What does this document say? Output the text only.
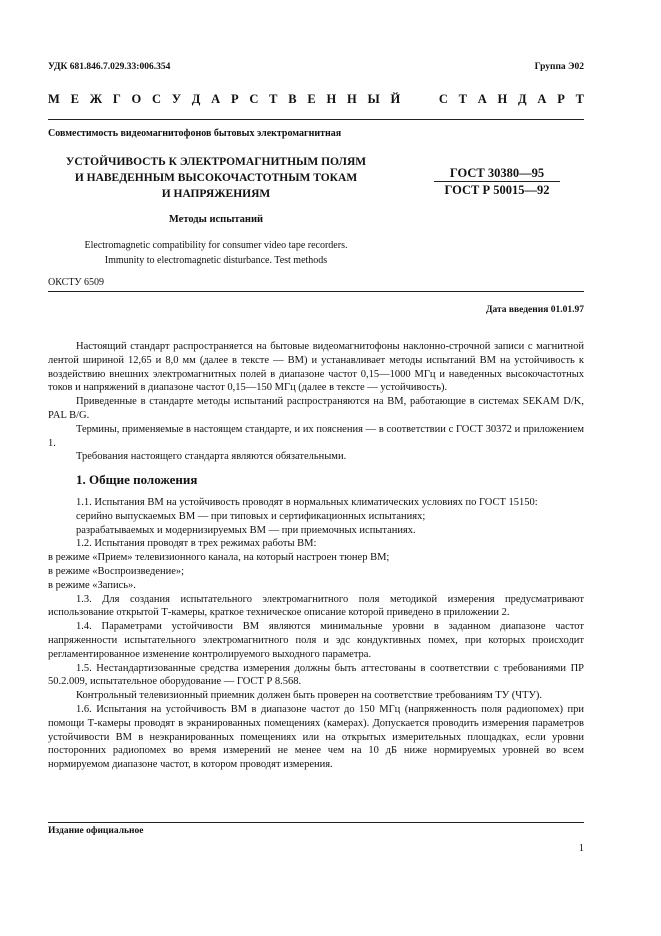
УДК 681.846.7.029.33:006.354	Группа Э02
М Е Ж Г О С У Д А Р С Т В Е Н Н Ы Й

	С Т А Н Д А Р Т
Совместимость видеомагнитофонов бытовых электромагнитная
УСТОЙЧИВОСТЬ К ЭЛЕКТРОМАГНИТНЫМ ПОЛЯМ
И НАВЕДЕННЫМ ВЫСОКОЧАСТОТНЫМ ТОКАМ
И НАПРЯЖЕНИЯМ
ГОСТ 30380—95
ГОСТ Р 50015—92
Методы испытаний
Electromagnetic compatibility for consumer video tape recorders.
Immunity to electromagnetic disturbance. Test methods
ОКСТУ 6509
Дата введения 01.01.97

Настоящий стандарт распространяется на бытовые видеомагнитофоны наклонно-строчной записи с магнитной лентой шириной 12,65 и 8,0 мм (далее в тексте — ВМ) и устанавливает методы испытаний ВМ на устойчивость к воздействию внешних электромагнитных полей в диапазоне частот 0,15—1000 МГц и наведенных высокочастотных токов и напряжений в диапазоне частот 0,15—150 МГц (далее в тексте — устойчивость).

Приведенные в стандарте методы испытаний распространяются на ВМ, работающие в системах SEKAM D/K, PAL B/G.

Термины, применяемые в настоящем стандарте, и их пояснения — в соответствии с ГОСТ 30372 и приложением 1.

Требования настоящего стандарта являются обязательными.

1. Общие положения

1.1. Испытания ВМ на устойчивость проводят в нормальных климатических условиях по ГОСТ 15150:

серийно выпускаемых ВМ — при типовых и сертификационных испытаниях;

разрабатываемых и модернизируемых ВМ — при приемочных испытаниях.

1.2. Испытания проводят в трех режимах работы ВМ:

в режиме «Прием» телевизионного канала, на который настроен тюнер ВМ;

в режиме «Воспроизведение»;

в режиме «Запись».

1.3. Для создания испытательного электромагнитного поля методикой измерения предусматривают использование открытой Т-камеры, краткое техническое описание которой приведено в приложении 2.

1.4. Параметрами устойчивости ВМ являются минимальные уровни в заданном диапазоне частот напряженности испытательного электромагнитного поля и эдс кондуктивных помех, при которых происходит регламентированное изменение контролируемого выходного параметра.

1.5. Нестандартизованные средства измерения должны быть аттестованы в соответствии с требованиями ПР 50.2.009, испытательное оборудование — ГОСТ Р 8.568.

Контрольный телевизионный приемник должен быть проверен на соответствие требованиям ТУ (ЧТУ).

1.6. Испытания на устойчивость ВМ в диапазоне частот до 150 МГц (напряженность поля радиопомех) при помощи Т-камеры проводят в экранированных помещениях (камерах). Допускается проводить измерения параметров устойчивости ВМ в неэкранированных помещениях или на открытых измерительных площадках, если уровни посторонних радиопомех во время измерений не менее чем на 10 дБ ниже нормируемых уровней во всем нормируемом диапазоне частот, в котором проводят измерения.

Издание официальное
1
